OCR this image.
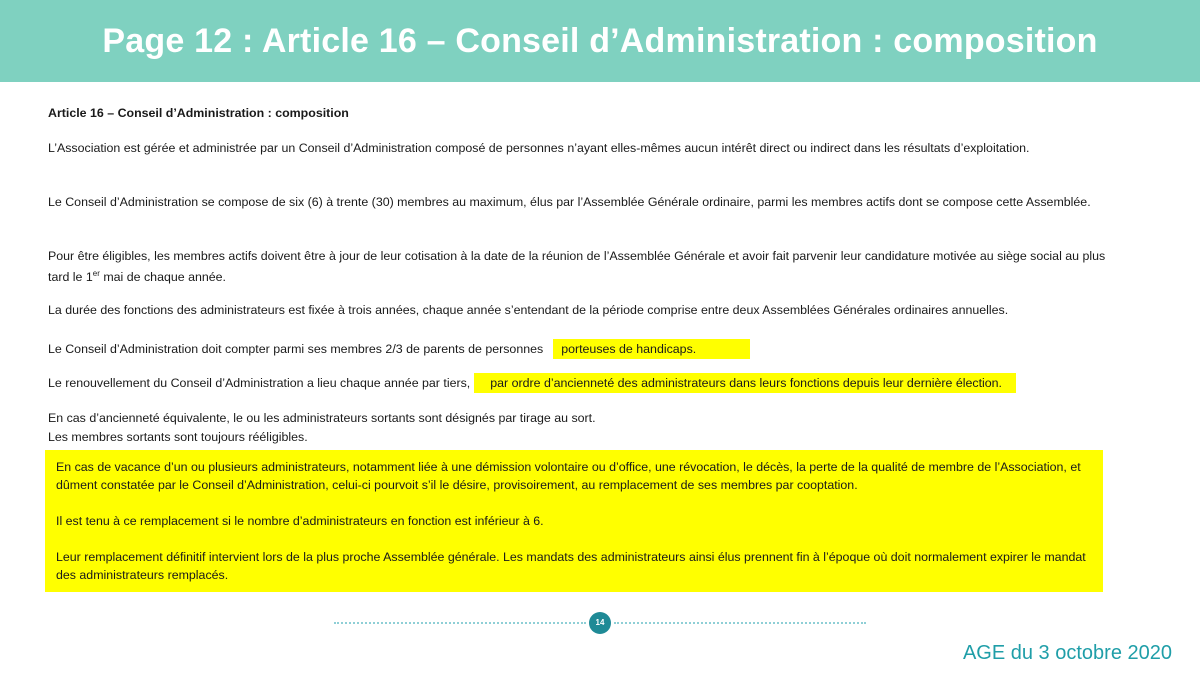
Page 12 : Article 16 – Conseil d’Administration : composition

Article 16 – Conseil d’Administration : composition

L’Association est gérée et administrée par un Conseil d’Administration composé de personnes n’ayant elles-mêmes aucun intérêt direct ou indirect dans les résultats d’exploitation.

Le Conseil d’Administration se compose de six (6) à trente (30) membres au maximum, élus par l’Assemblée Générale ordinaire, parmi les membres actifs dont se compose cette Assemblée.

Pour être éligibles, les membres actifs doivent être à jour de leur cotisation à la date de la réunion de l’Assemblée Générale et avoir fait parvenir leur candidature motivée au siège social au plus tard le 1er mai de chaque année.

La durée des fonctions des administrateurs est fixée à trois années, chaque année s’entendant de la période comprise entre deux Assemblées Générales ordinaires annuelles.

Le Conseil d’Administration doit compter parmi ses membres 2/3 de parents de personnes porteuses de handicaps.

Le renouvellement du Conseil d’Administration a lieu chaque année par tiers, par ordre d’ancienneté des administrateurs dans leurs fonctions depuis leur dernière élection.

En cas d’ancienneté équivalente, le ou les administrateurs sortants sont désignés par tirage au sort.

Les membres sortants sont toujours rééligibles.

En cas de vacance d’un ou plusieurs administrateurs, notamment liée à une démission volontaire ou d’office, une révocation, le décès, la perte de la qualité de membre de l’Association, et dûment constatée par le Conseil d’Administration, celui-ci pourvoit s’il le désire, provisoirement, au remplacement de ses membres par cooptation.

Il est tenu à ce remplacement si le nombre d’administrateurs en fonction est inférieur à 6.

Leur remplacement définitif intervient lors de la plus proche Assemblée générale. Les mandats des administrateurs ainsi élus prennent fin à l’époque où doit normalement expirer le mandat des administrateurs remplacés.

14
AGE du 3 octobre 2020
